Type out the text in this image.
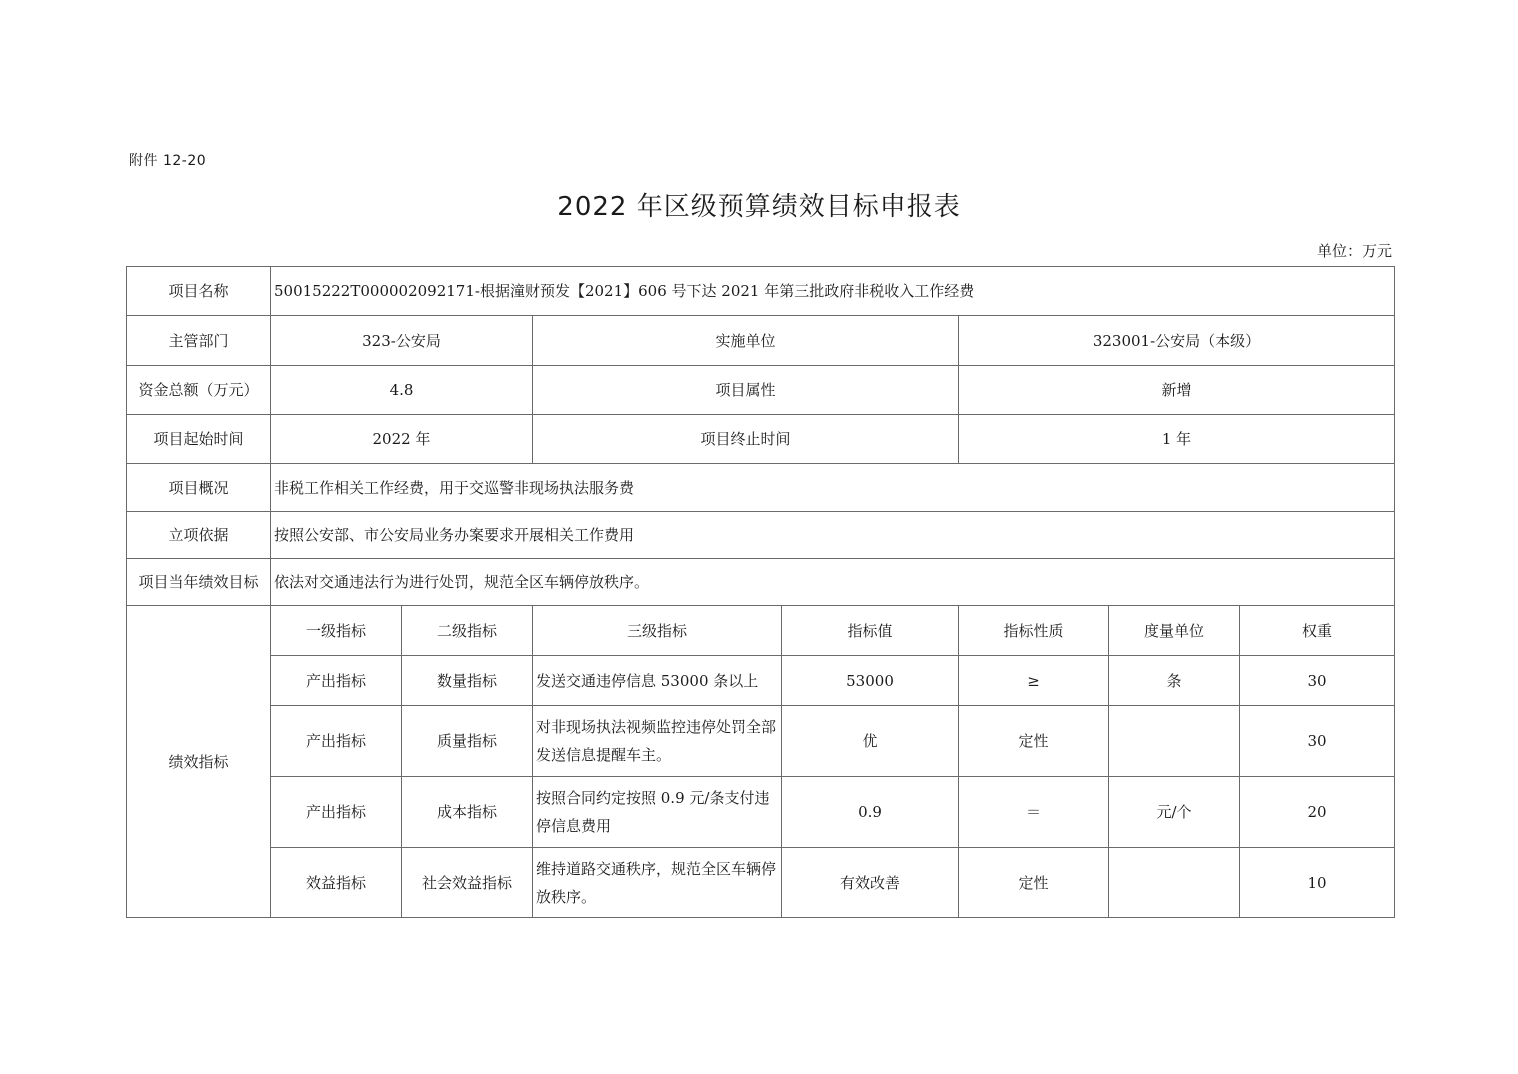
附件 12-20
2022 年区级预算绩效目标申报表
单位：万元
项目名称	50015222T000002092171-根据潼财预发【2021】606 号下达 2021 年第三批政府非税收入工作经费						
主管部门	323-公安局		实施单位		323001-公安局（本级）		
资金总额（万元）	4.8		项目属性		新增		
项目起始时间	2022 年		项目终止时间		1 年		
项目概况	非税工作相关工作经费，用于交巡警非现场执法服务费						
立项依据	按照公安部、市公安局业务办案要求开展相关工作费用						
项目当年绩效目标	依法对交通违法行为进行处罚，规范全区车辆停放秩序。						
绩效指标	一级指标	二级指标	三级指标	指标值	指标性质	度量单位	权重
	产出指标	数量指标	发送交通违停信息 53000 条以上	53000	≥	条	30
	产出指标	质量指标	对非现场执法视频监控违停处罚全部发送信息提醒车主。	优	定性		30
	产出指标	成本指标	按照合同约定按照 0.9 元/条支付违停信息费用	0.9	＝	元/个	20
	效益指标	社会效益指标	维持道路交通秩序，规范全区车辆停放秩序。	有效改善	定性		10
